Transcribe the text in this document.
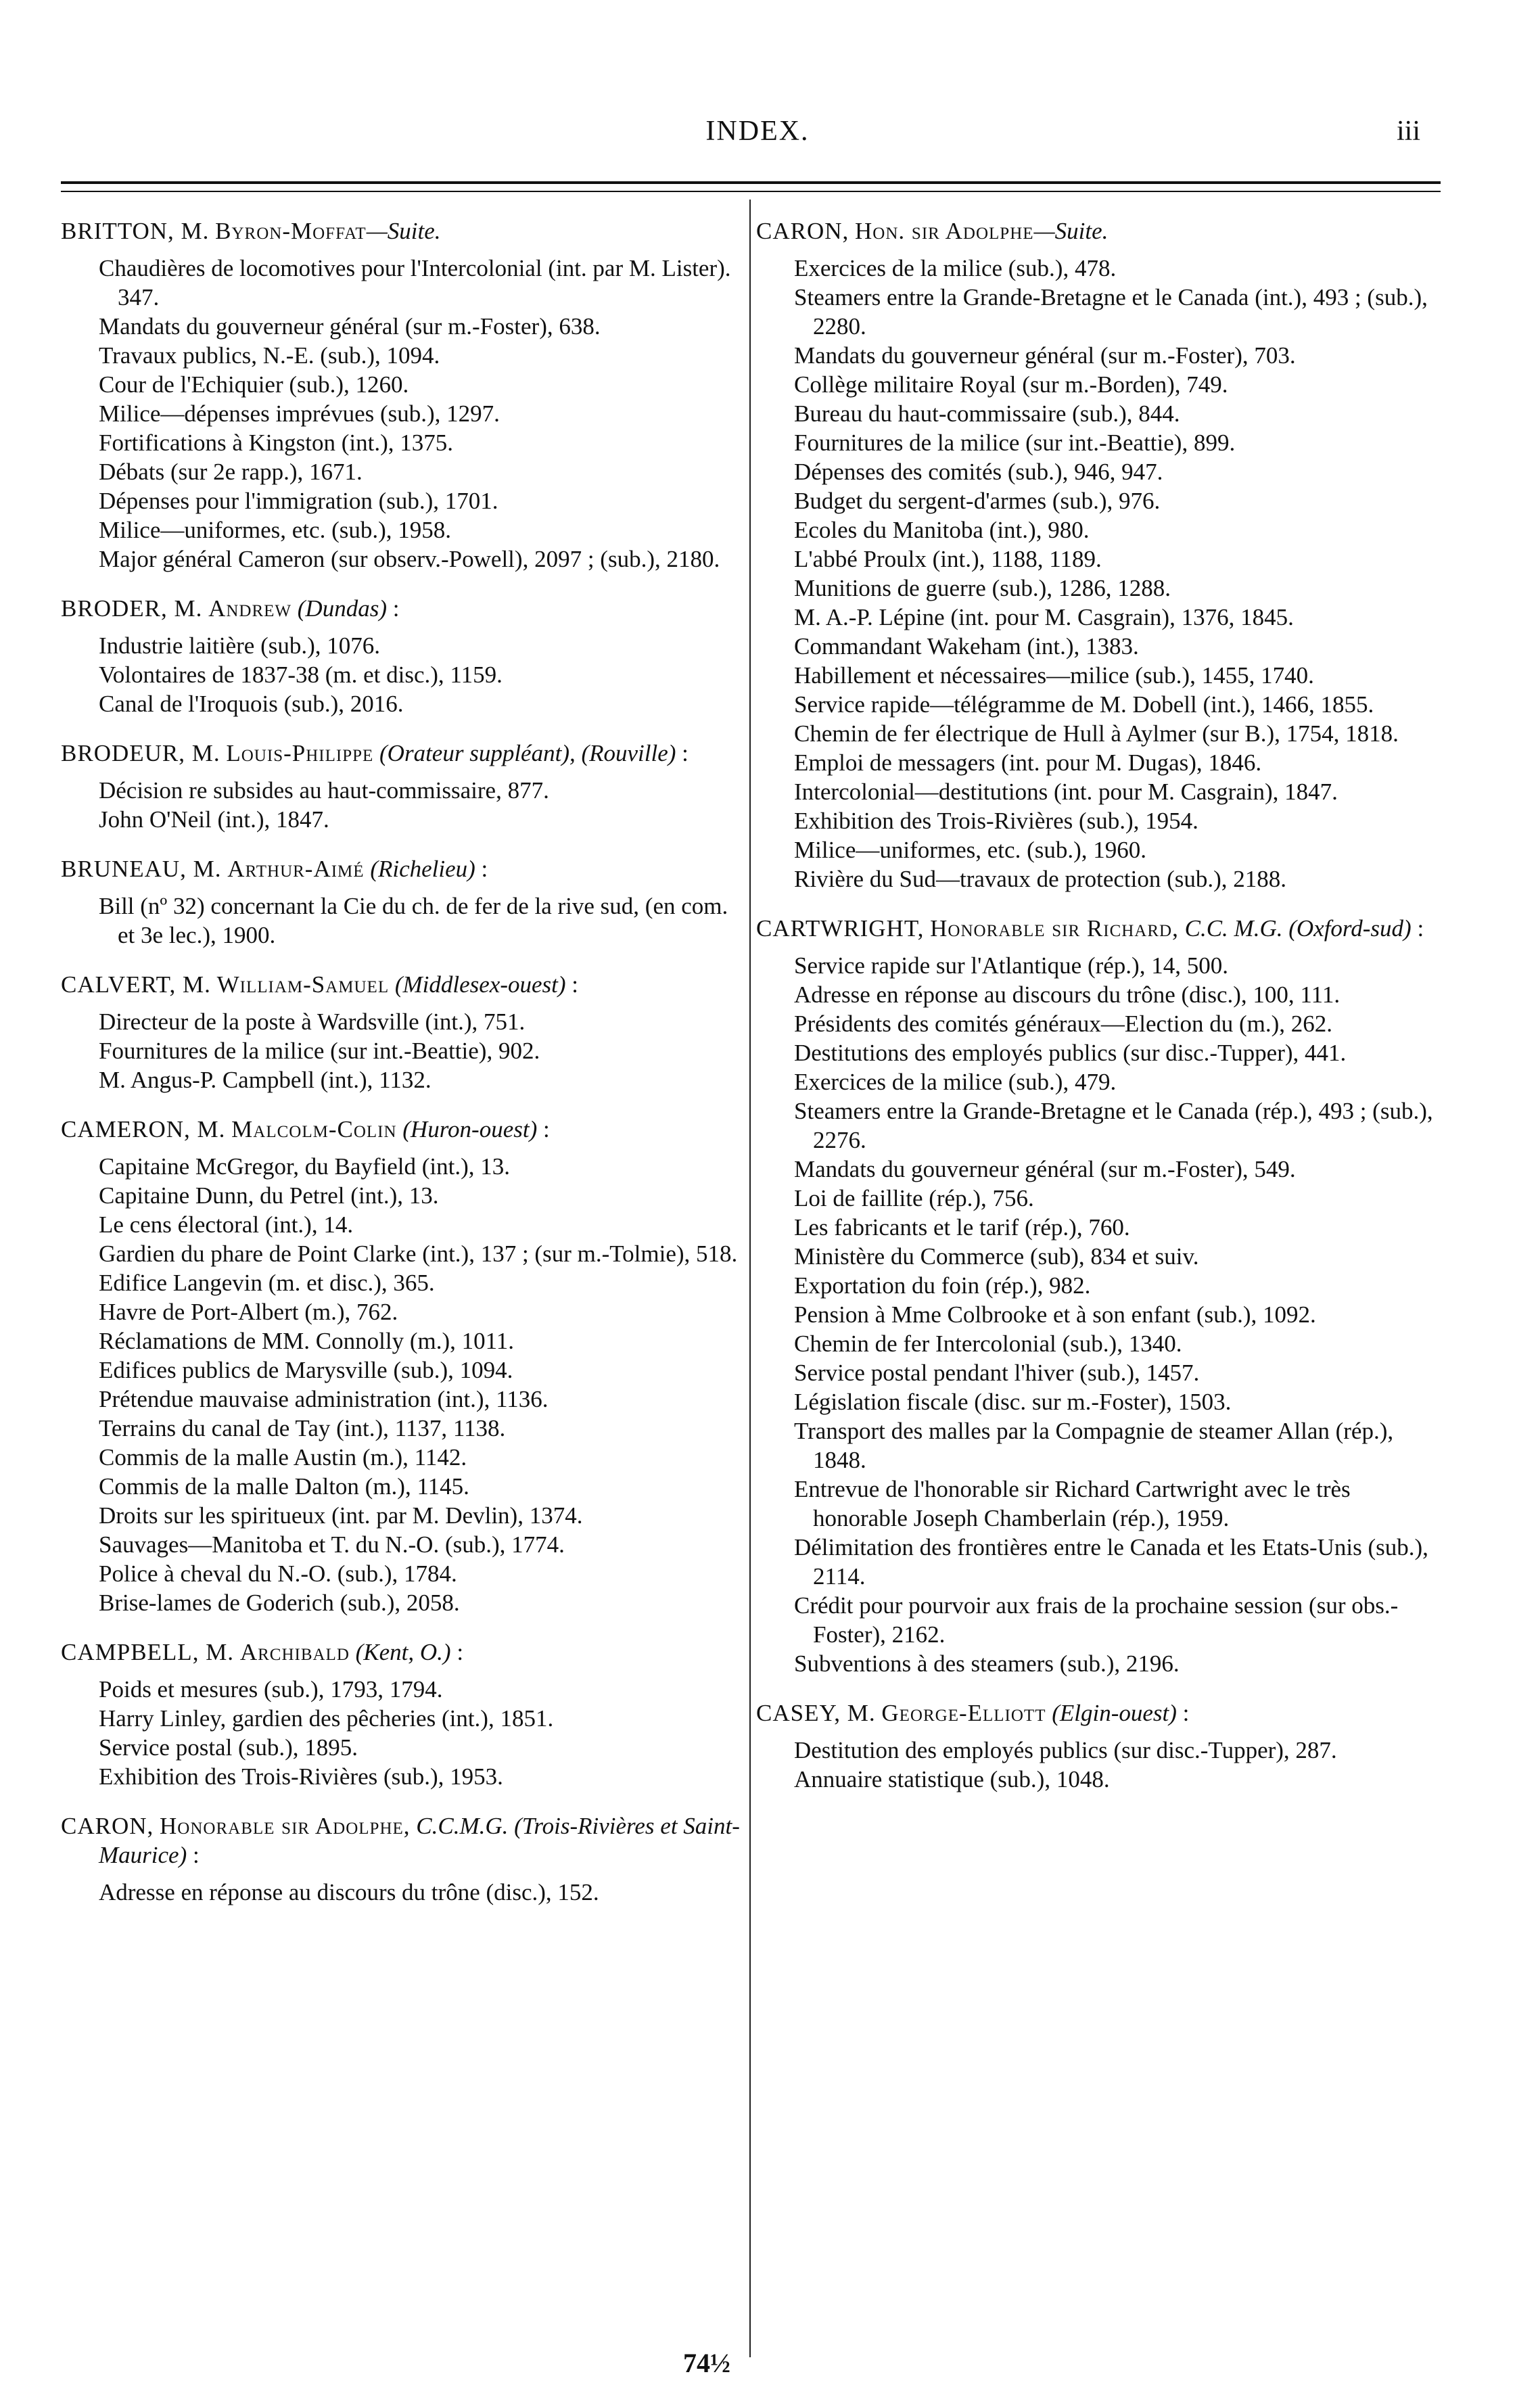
INDEX.	iii
BRITTON, M. Byron-Moffat—Suite.
Chaudières de locomotives pour l'Intercolonial (int. par M. Lister). 347.
Mandats du gouverneur général (sur m.-Foster), 638.
Travaux publics, N.-E. (sub.), 1094.
Cour de l'Echiquier (sub.), 1260.
Milice—dépenses imprévues (sub.), 1297.
Fortifications à Kingston (int.), 1375.
Débats (sur 2e rapp.), 1671.
Dépenses pour l'immigration (sub.), 1701.
Milice—uniformes, etc. (sub.), 1958.
Major général Cameron (sur observ.-Powell), 2097 ; (sub.), 2180.
BRODER, M. Andrew (Dundas) :
Industrie laitière (sub.), 1076.
Volontaires de 1837-38 (m. et disc.), 1159.
Canal de l'Iroquois (sub.), 2016.
BRODEUR, M. Louis-Philippe (Orateur suppléant), (Rouville) :
Décision re subsides au haut-commissaire, 877.
John O'Neil (int.), 1847.
BRUNEAU, M. Arthur-Aimé (Richelieu) :
Bill (nº 32) concernant la Cie du ch. de fer de la rive sud, (en com. et 3e lec.), 1900.
CALVERT, M. William-Samuel (Middlesex-ouest) :
Directeur de la poste à Wardsville (int.), 751.
Fournitures de la milice (sur int.-Beattie), 902.
M. Angus-P. Campbell (int.), 1132.
CAMERON, M. Malcolm-Colin (Huron-ouest) :
Capitaine McGregor, du Bayfield (int.), 13.
Capitaine Dunn, du Petrel (int.), 13.
Le cens électoral (int.), 14.
Gardien du phare de Point Clarke (int.), 137 ; (sur m.-Tolmie), 518.
Edifice Langevin (m. et disc.), 365.
Havre de Port-Albert (m.), 762.
Réclamations de MM. Connolly (m.), 1011.
Edifices publics de Marysville (sub.), 1094.
Prétendue mauvaise administration (int.), 1136.
Terrains du canal de Tay (int.), 1137, 1138.
Commis de la malle Austin (m.), 1142.
Commis de la malle Dalton (m.), 1145.
Droits sur les spiritueux (int. par M. Devlin), 1374.
Sauvages—Manitoba et T. du N.-O. (sub.), 1774.
Police à cheval du N.-O. (sub.), 1784.
Brise-lames de Goderich (sub.), 2058.
CAMPBELL, M. Archibald (Kent, O.) :
Poids et mesures (sub.), 1793, 1794.
Harry Linley, gardien des pêcheries (int.), 1851.
Service postal (sub.), 1895.
Exhibition des Trois-Rivières (sub.), 1953.
CARON, Honorable sir Adolphe, C.C.M.G. (Trois-Rivières et Saint-Maurice) :
Adresse en réponse au discours du trône (disc.), 152.
CARON, Hon. sir Adolphe—Suite.
Exercices de la milice (sub.), 478.
Steamers entre la Grande-Bretagne et le Canada (int.), 493 ; (sub.), 2280.
Mandats du gouverneur général (sur m.-Foster), 703.
Collège militaire Royal (sur m.-Borden), 749.
Bureau du haut-commissaire (sub.), 844.
Fournitures de la milice (sur int.-Beattie), 899.
Dépenses des comités (sub.), 946, 947.
Budget du sergent-d'armes (sub.), 976.
Ecoles du Manitoba (int.), 980.
L'abbé Proulx (int.), 1188, 1189.
Munitions de guerre (sub.), 1286, 1288.
M. A.-P. Lépine (int. pour M. Casgrain), 1376, 1845.
Commandant Wakeham (int.), 1383.
Habillement et nécessaires—milice (sub.), 1455, 1740.
Service rapide—télégramme de M. Dobell (int.), 1466, 1855.
Chemin de fer électrique de Hull à Aylmer (sur B.), 1754, 1818.
Emploi de messagers (int. pour M. Dugas), 1846.
Intercolonial—destitutions (int. pour M. Casgrain), 1847.
Exhibition des Trois-Rivières (sub.), 1954.
Milice—uniformes, etc. (sub.), 1960.
Rivière du Sud—travaux de protection (sub.), 2188.
CARTWRIGHT, Honorable sir Richard, C.C. M.G. (Oxford-sud) :
Service rapide sur l'Atlantique (rép.), 14, 500.
Adresse en réponse au discours du trône (disc.), 100, 111.
Présidents des comités généraux—Election du (m.), 262.
Destitutions des employés publics (sur disc.-Tupper), 441.
Exercices de la milice (sub.), 479.
Steamers entre la Grande-Bretagne et le Canada (rép.), 493 ; (sub.), 2276.
Mandats du gouverneur général (sur m.-Foster), 549.
Loi de faillite (rép.), 756.
Les fabricants et le tarif (rép.), 760.
Ministère du Commerce (sub), 834 et suiv.
Exportation du foin (rép.), 982.
Pension à Mme Colbrooke et à son enfant (sub.), 1092.
Chemin de fer Intercolonial (sub.), 1340.
Service postal pendant l'hiver (sub.), 1457.
Législation fiscale (disc. sur m.-Foster), 1503.
Transport des malles par la Compagnie de steamer Allan (rép.), 1848.
Entrevue de l'honorable sir Richard Cartwright avec le très honorable Joseph Chamberlain (rép.), 1959.
Délimitation des frontières entre le Canada et les Etats-Unis (sub.), 2114.
Crédit pour pourvoir aux frais de la prochaine session (sur obs.-Foster), 2162.
Subventions à des steamers (sub.), 2196.
CASEY, M. George-Elliott (Elgin-ouest) :
Destitution des employés publics (sur disc.-Tupper), 287.
Annuaire statistique (sub.), 1048.
74½
